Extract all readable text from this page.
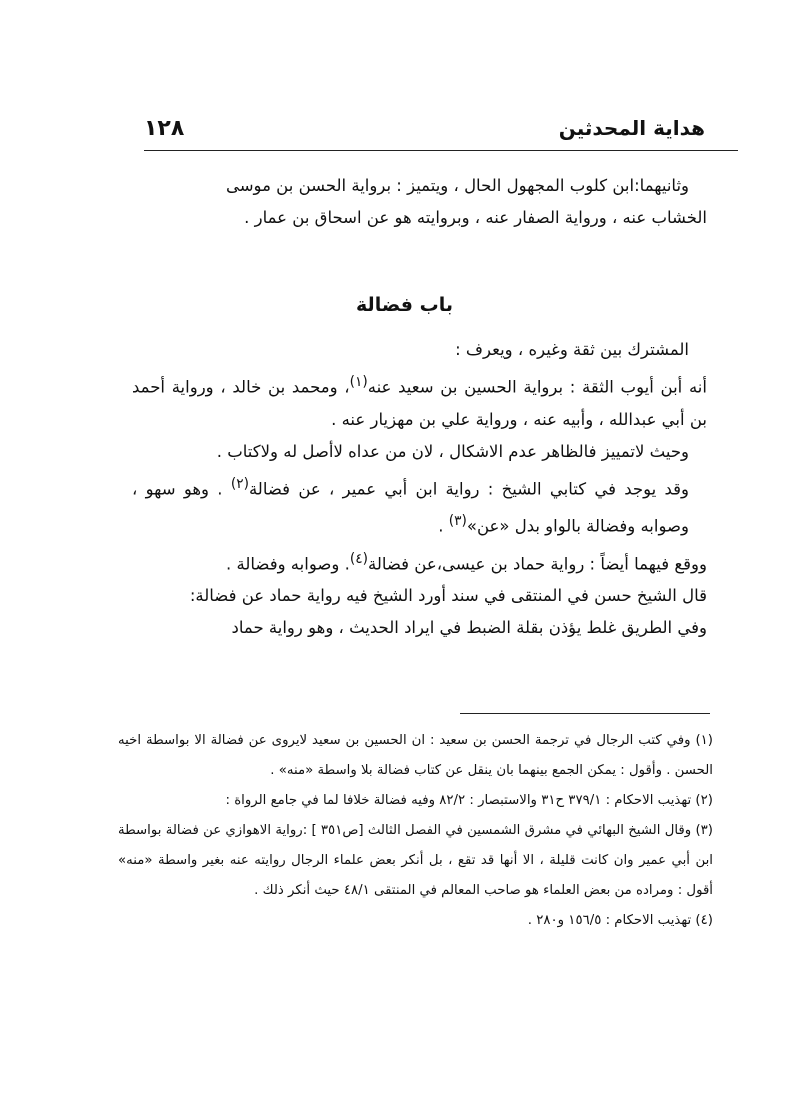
١٢٨	هداية المحدثين

وثانيهما:ابن كلوب المجهول الحال ، ويتميز : برواية الحسن بن موسى

الخشاب عنه ، ورواية الصفار عنه ، وبروايته هو عن اسحاق بن عمار .

باب فضالة

المشترك بين ثقة وغيره ، ويعرف :

أنه أبن أيوب الثقة : برواية الحسين بن سعيد عنه$^{(١)}$، ومحمد بن خالد ، ورواية أحمد بن أبي عبدالله ، وأبيه عنه ، ورواية علي بن مهزيار عنه .

وحيث لاتمييز فالظاهر عدم الاشكال ، لان من عداه لاأصل له ولاكتاب .

وقد يوجد في كتابي الشيخ : رواية ابن أبي عمير ، عن فضالة$^{(٢)}$ . وهو سهو ، وصوابه وفضالة بالواو بدل «عن»$^{(٣)}$ .

ووقع فيهما أيضاً : رواية حماد بن عيسى،عن فضالة$^{(٤)}$. وصوابه وفضالة .

قال الشيخ حسن في المنتقى في سند أورد الشيخ فيه رواية حماد عن فضالة:

وفي الطريق غلط يؤذن بقلة الضبط في ايراد الحديث ، وهو رواية حماد

(١) وفي كتب الرجال في ترجمة الحسن بن سعيد : ان الحسين بن سعيد لايروى عن فضالة الا بواسطة اخيه الحسن . وأقول : يمكن الجمع بينهما بان ينقل عن كتاب فضالة بلا واسطة «منه» .

(٢) تهذيب الاحكام : ٣٧٩/١ ح٣١ والاستبصار : ٨٢/٢ وفيه فضالة خلافا لما في جامع الرواة :

(٣) وقال الشيخ البهائي في مشرق الشمسين في الفصل الثالث [ص٣٥١ ] :رواية الاهوازي عن فضالة بواسطة ابن أبي عمير وان كانت قليلة ، الا أنها قد تقع ، بل أنكر بعض علماء الرجال روايته عنه بغير واسطة «منه» أقول : ومراده من بعض العلماء هو صاحب المعالم في المنتقى ٤٨/١ حيث أنكر ذلك .

(٤) تهذيب الاحكام : ١٥٦/٥ و٢٨٠ .
